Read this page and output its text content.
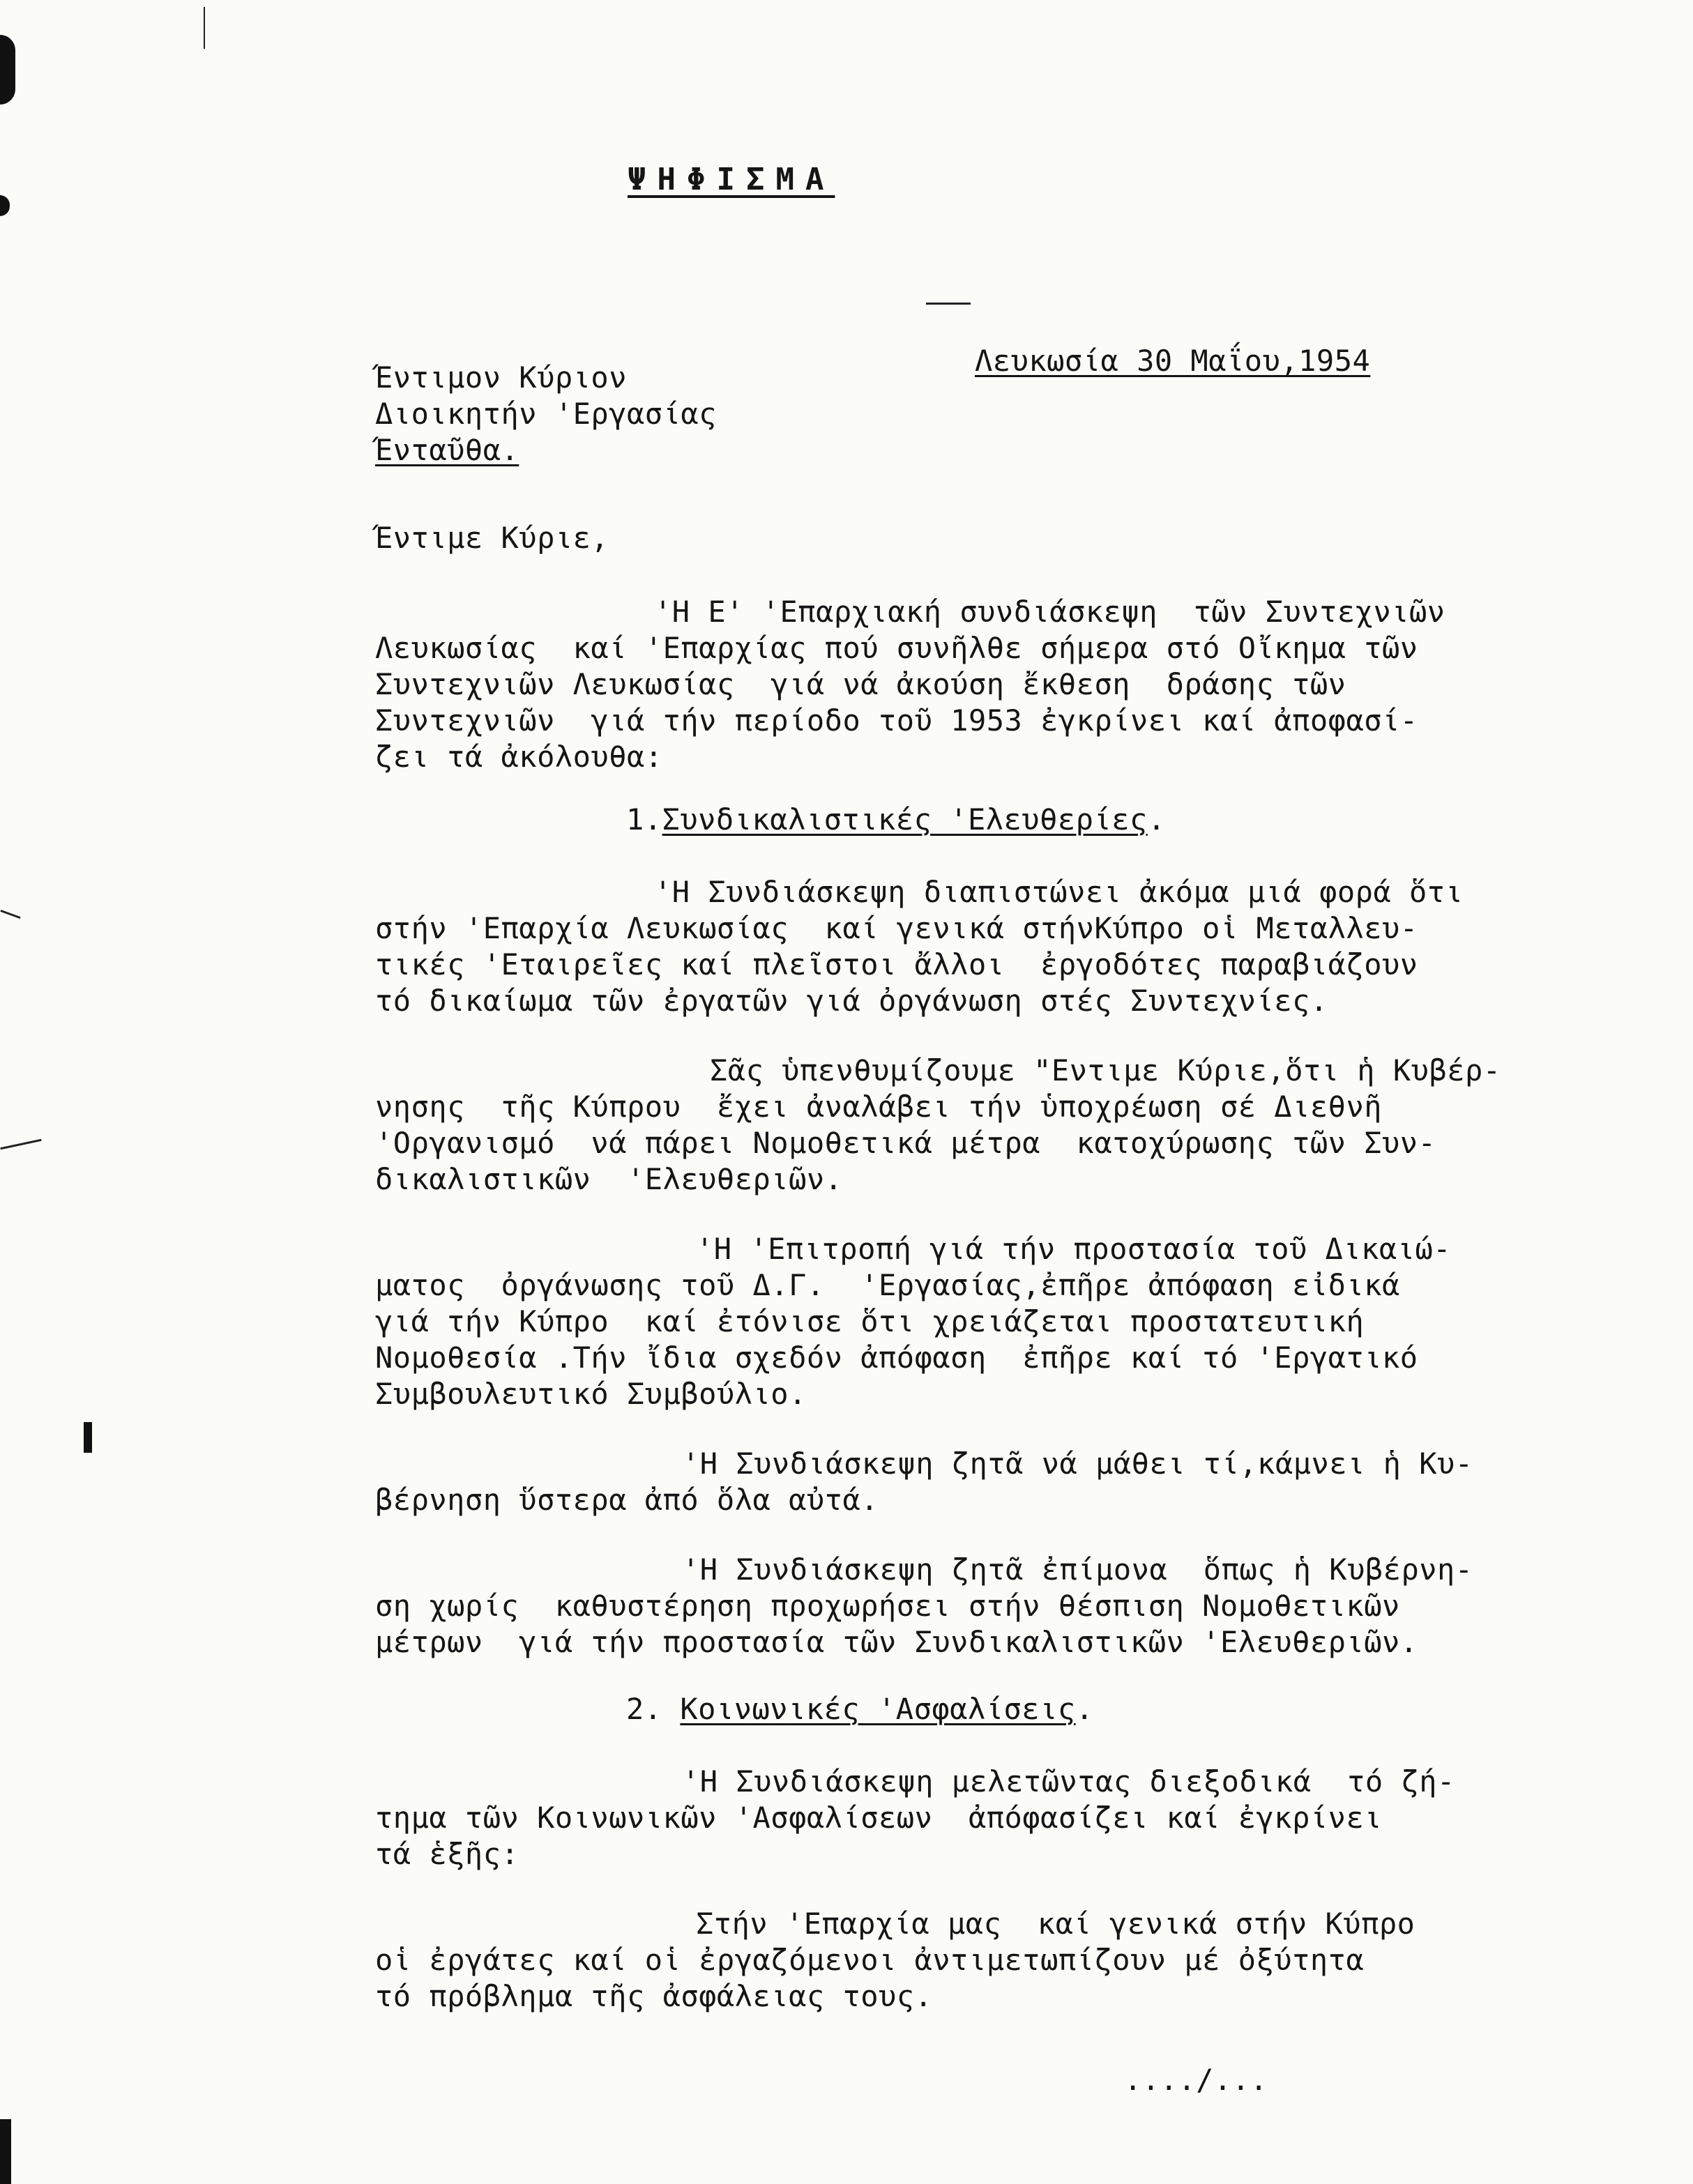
ΨΗΦΙΣΜΑ
Λευκωσία 30 Μαΐου,1954
Έντιμον Κύριον
Διοικητήν 'Εργασίας
Ένταῦθα.
Έντιμε Κύριε,
'Η Ε' 'Επαρχιακή συνδιάσκεψη  τῶν Συντεχνιῶν
Λευκωσίας  καί 'Επαρχίας πού συνῆλθε σήμερα στό Οἴκημα τῶν
Συντεχνιῶν Λευκωσίας  γιά νά ἀκούση ἔκθεση  δράσης τῶν
Συντεχνιῶν  γιά τήν περίοδο τοῦ 1953 ἐγκρίνει καί ἀποφασί-
ζει τά ἀκόλουθα:
1.Συνδικαλιστικές 'Ελευθερίες.
'Η Συνδιάσκεψη διαπιστώνει ἀκόμα μιά φορά ὅτι
στήν 'Επαρχία Λευκωσίας  καί γενικά στήνΚύπρο οἱ Μεταλλευ-
τικές 'Εταιρεῖες καί πλεῖστοι ἄλλοι  ἐργοδότες παραβιάζουν
τό δικαίωμα τῶν ἐργατῶν γιά ὀργάνωση στές Συντεχνίες.
Σᾶς ὑπενθυμίζουμε "Εντιμε Κύριε,ὅτι ἡ Κυβέρ-
νησης  τῆς Κύπρου  ἔχει ἀναλάβει τήν ὑποχρέωση σέ Διεθνῆ
'Οργανισμό  νά πάρει Νομοθετικά μέτρα  κατοχύρωσης τῶν Συν-
δικαλιστικῶν  'Ελευθεριῶν.
'Η 'Επιτροπή γιά τήν προστασία τοῦ Δικαιώ-
ματος  ὀργάνωσης τοῦ Δ.Γ.  'Εργασίας,ἐπῆρε ἀπόφαση εἰδικά
γιά τήν Κύπρο  καί ἐτόνισε ὅτι χρειάζεται προστατευτική
Νομοθεσία .Τήν ἴδια σχεδόν ἀπόφαση  ἐπῆρε καί τό 'Εργατικό
Συμβουλευτικό Συμβούλιο.
'Η Συνδιάσκεψη ζητᾶ νά μάθει τί,κάμνει ἡ Κυ-
βέρνηση ὕστερα ἀπό ὅλα αὐτά.
'Η Συνδιάσκεψη ζητᾶ ἐπίμονα  ὅπως ἡ Κυβέρνη-
ση χωρίς  καθυστέρηση προχωρήσει στήν θέσπιση Νομοθετικῶν
μέτρων  γιά τήν προστασία τῶν Συνδικαλιστικῶν 'Ελευθεριῶν.
2. Κοινωνικές 'Ασφαλίσεις.
'Η Συνδιάσκεψη μελετῶντας διεξοδικά  τό ζή-
τημα τῶν Κοινωνικῶν 'Ασφαλίσεων  ἀπόφασίζει καί ἐγκρίνει
τά ἑξῆς:
Στήν 'Επαρχία μας  καί γενικά στήν Κύπρο
οἱ ἐργάτες καί οἱ ἐργαζόμενοι ἀντιμετωπίζουν μέ ὀξύτητα
τό πρόβλημα τῆς ἀσφάλειας τους.
..../...
